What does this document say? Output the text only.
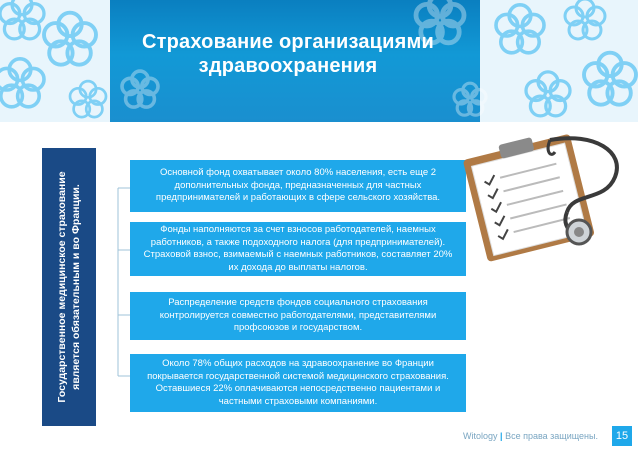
Страхование организациями
здравоохранения
Государственное медицинское страхование является обязательным и во Франции.
Основной фонд охватывает около 80% населения, есть еще 2 дополнительных фонда, предназначенных для частных предпринимателей и работающих в сфере сельского хозяйства.
Фонды наполняются за счет взносов работодателей, наемных работников, а также подоходного налога (для предпринимателей). Страховой взнос, взимаемый с наемных работников, составляет 20% их дохода до выплаты налогов.
Распределение средств фондов социального страхования контролируется совместно работодателями, представителями профсоюзов и государством.
Около 78% общих расходов на здравоохранение во Франции покрывается государственной системой медицинского страхования. Оставшиеся 22% оплачиваются непосредственно пациентами и частными страховыми компаниями.
Witology | Все права защищены.	15
